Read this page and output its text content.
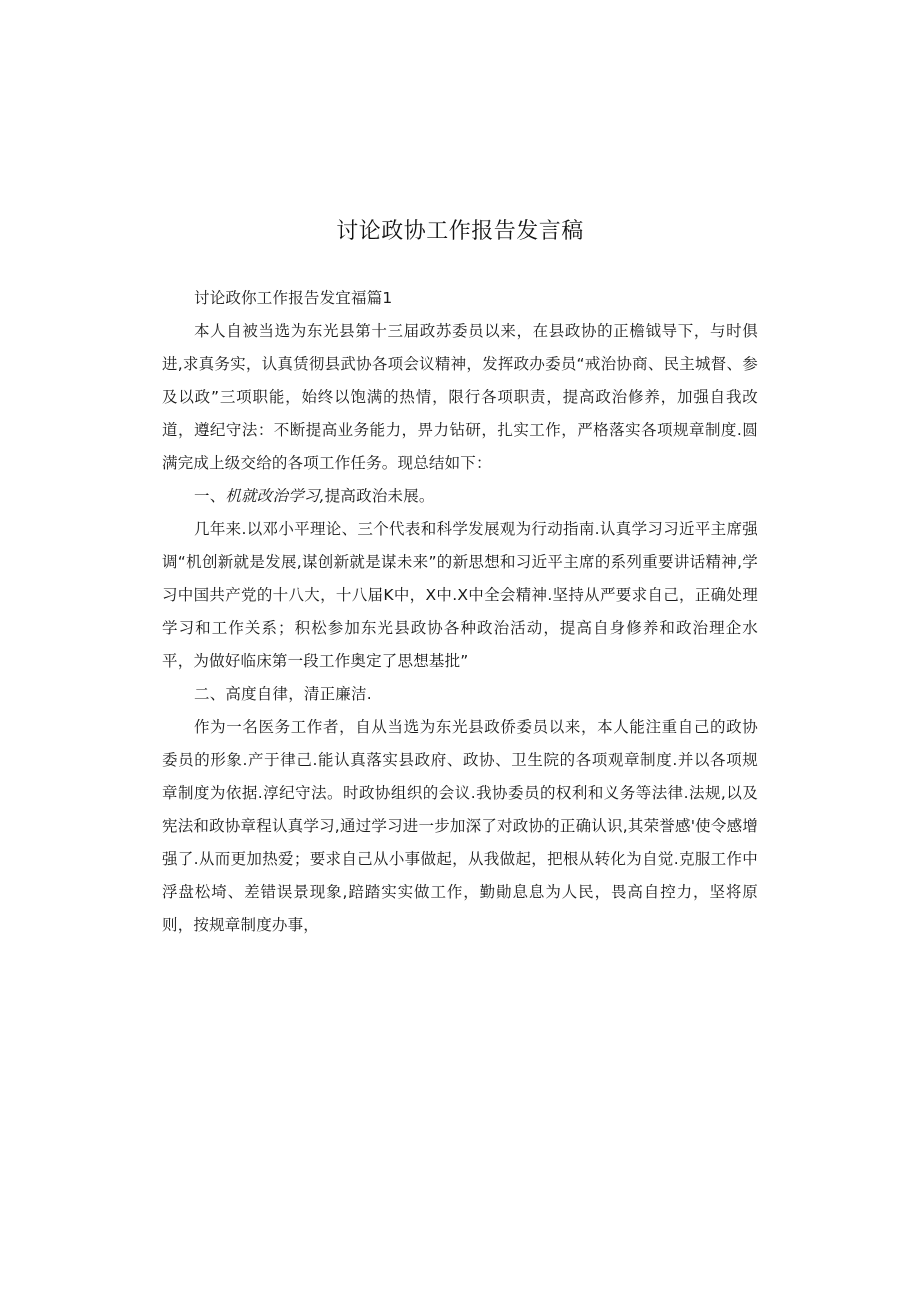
讨论政协工作报告发言稿

讨论政你工作报告发宜福篇1

本人自被当选为东光县第十三届政苏委员以来，在县政协的正檐钺导下，与时俱进,求真务实，认真赁彻县武协各项会议精神，发挥政办委员“戒治协商、民主城督、参及以政”三项职能，始终以饱满的热情，限行各项职责，提高政治修养，加强自我改道，遵纪守法：不断提高业务能力，畀力钻研，扎实工作，严格落实各项规章制度.圆满完成上级交给的各项工作任务。现总结如下：

一、机就改治学习,提高政治未展。

几年来.以邓小平理论、三个代表和科学发展观为行动指南.认真学习习近平主席强调“机创新就是发展,谋创新就是谋未来”的新思想和习近平主席的系列重要讲话精神,学习中国共产党的十八大，十八届K中，X中.X中全会精神.坚持从严要求自己，正确处理学习和工作关系；积松参加东光县政协各种政治活动，提高自身修养和政治理企水平，为做好临床第一段工作奥定了思想基批”

二、高度自律，清正廉洁.

作为一名医务工作者，自从当选为东光县政侨委员以来，本人能注重自己的政协委员的形象.产于律己.能认真落实县政府、政协、卫生院的各项观章制度.并以各项规章制度为依据.淳纪守法。时政协组织的会议.我协委员的权利和义务等法律.法规,以及宪法和政协章程认真学习,通过学习进一步加深了对政协的正确认识,其荣誉感'使令感增强了.从而更加热爱；要求自己从小事做起，从我做起，把根从转化为自觉.克服工作中浮盘松埼、差错误景现象,踣踏实实做工作，勤勛息息为人民，畏高自控力，坚将原则，按规章制度办事，
